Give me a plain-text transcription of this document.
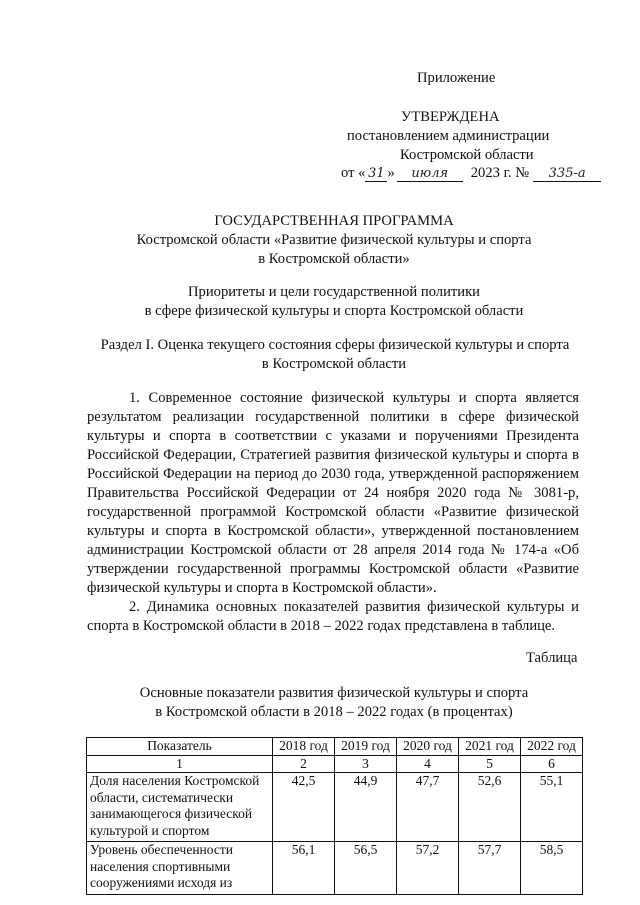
Приложение
УТВЕРЖДЕНА
постановлением администрации
Костромской области
от « 31 » июля 2023 г. № 335-а
ГОСУДАРСТВЕННАЯ ПРОГРАММА
Костромской области «Развитие физической культуры и спорта
в Костромской области»
Приоритеты и цели государственной политики
в сфере физической культуры и спорта Костромской области
Раздел I. Оценка текущего состояния сферы физической культуры и спорта
в Костромской области

1. Современное состояние физической культуры и спорта является результатом реализации государственной политики в сфере физической культуры и спорта в соответствии с указами и поручениями Президента Российской Федерации, Стратегией развития физической культуры и спорта в Российской Федерации на период до 2030 года, утвержденной распоряжением Правительства Российской Федерации от 24 ноября 2020 года № 3081-р, государственной программой Костромской области «Развитие физической культуры и спорта в Костромской области», утвержденной постановлением администрации Костромской области от 28 апреля 2014 года № 174-а «Об утверждении государственной программы Костромской области «Развитие физической культуры и спорта в Костромской области».

2. Динамика основных показателей развития физической культуры и спорта в Костромской области в 2018 – 2022 годах представлена в таблице.

Таблица
Основные показатели развития физической культуры и спорта
в Костромской области в 2018 – 2022 годах (в процентах)
Показатель	2018 год	2019 год	2020 год	2021 год	2022 год
1	2	3	4	5	6

Доля населения Костромской
области, систематически
занимающегося физической
культурой и спортом	42,5	44,9	47,7	52,6	55,1

Уровень обеспеченности
населения спортивными
сооружениями исходя из	56,1	56,5	57,2	57,7	58,5
